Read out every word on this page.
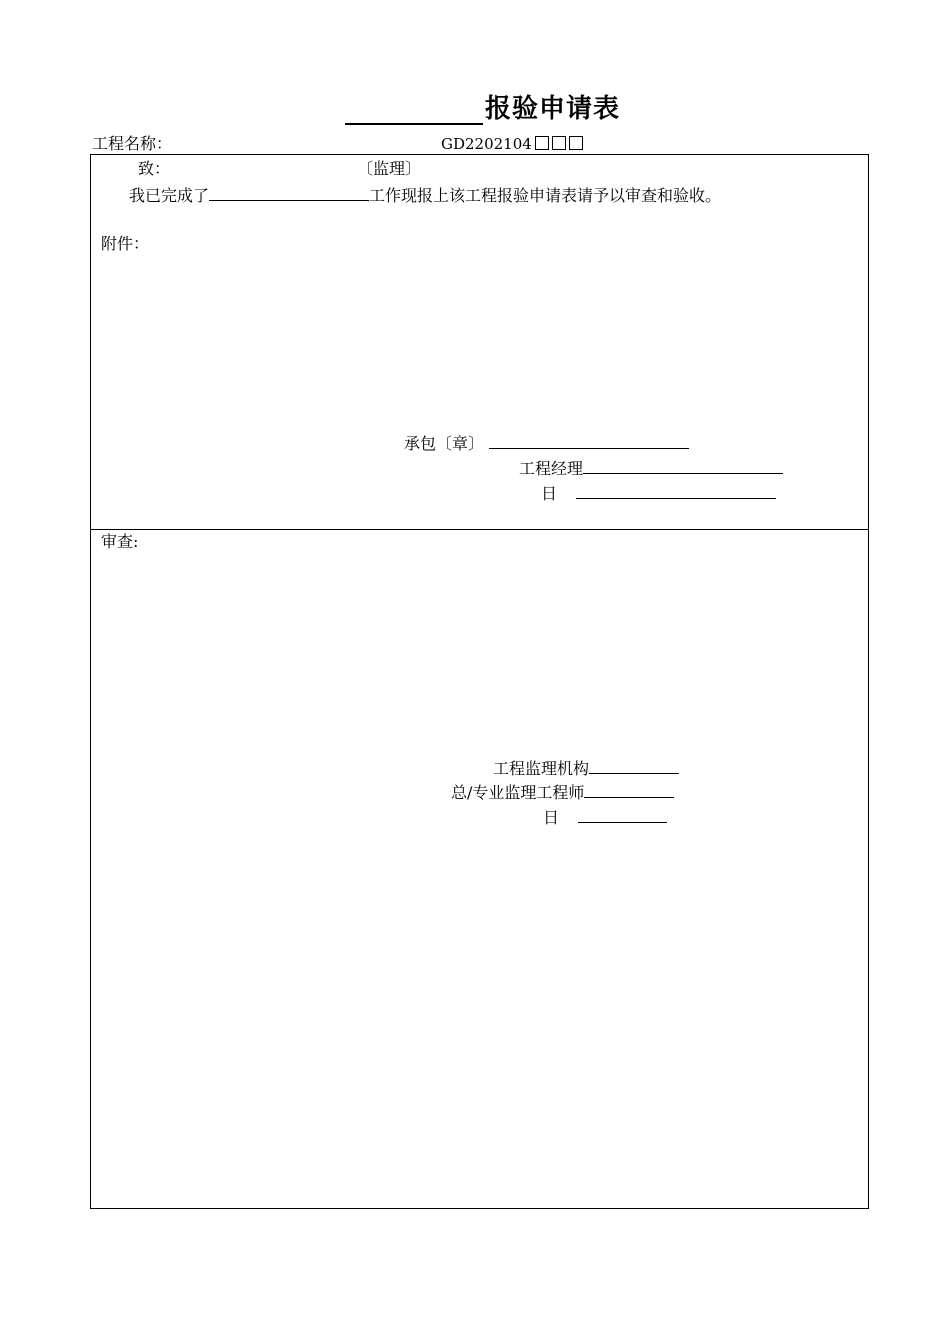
报验申请表
工程名称：	GD2202104
致：	〔监理〕
我已完成了	工作现报上该工程报验申请表请予以审查和验收。
附件：
承包〔章〕
工程经理
日
审查:
工程监理机构
总/专业监理工程师
日
